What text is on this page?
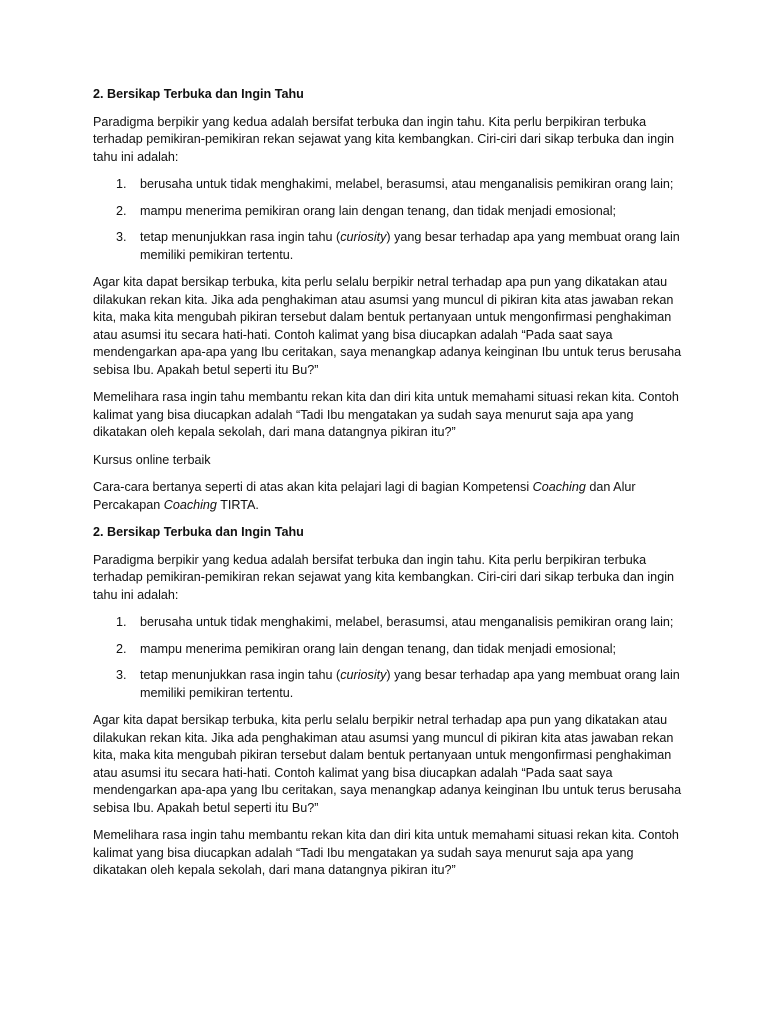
2. Bersikap Terbuka dan Ingin Tahu

Paradigma berpikir yang kedua adalah bersifat terbuka dan ingin tahu. Kita perlu berpikiran terbuka terhadap pemikiran-pemikiran rekan sejawat yang kita kembangkan. Ciri-ciri dari sikap terbuka dan ingin tahu ini adalah:

1. berusaha untuk tidak menghakimi, melabel, berasumsi, atau menganalisis pemikiran orang lain;
2. mampu menerima pemikiran orang lain dengan tenang, dan tidak menjadi emosional;
3. tetap menunjukkan rasa ingin tahu (curiosity) yang besar terhadap apa yang membuat orang lain memiliki pemikiran tertentu.

Agar kita dapat bersikap terbuka, kita perlu selalu berpikir netral terhadap apa pun yang dikatakan atau dilakukan rekan kita. Jika ada penghakiman atau asumsi yang muncul di pikiran kita atas jawaban rekan kita, maka kita mengubah pikiran tersebut dalam bentuk pertanyaan untuk mengonfirmasi penghakiman atau asumsi itu secara hati-hati. Contoh kalimat yang bisa diucapkan adalah “Pada saat saya mendengarkan apa-apa yang Ibu ceritakan, saya menangkap adanya keinginan Ibu untuk terus berusaha sebisa Ibu. Apakah betul seperti itu Bu?”

Memelihara rasa ingin tahu membantu rekan kita dan diri kita untuk memahami situasi rekan kita. Contoh kalimat yang bisa diucapkan adalah “Tadi Ibu mengatakan ya sudah saya menurut saja apa yang dikatakan oleh kepala sekolah, dari mana datangnya pikiran itu?”

Kursus online terbaik

Cara-cara bertanya seperti di atas akan kita pelajari lagi di bagian Kompetensi Coaching dan Alur Percakapan Coaching TIRTA.

2. Bersikap Terbuka dan Ingin Tahu

Paradigma berpikir yang kedua adalah bersifat terbuka dan ingin tahu. Kita perlu berpikiran terbuka terhadap pemikiran-pemikiran rekan sejawat yang kita kembangkan. Ciri-ciri dari sikap terbuka dan ingin tahu ini adalah:

1. berusaha untuk tidak menghakimi, melabel, berasumsi, atau menganalisis pemikiran orang lain;
2. mampu menerima pemikiran orang lain dengan tenang, dan tidak menjadi emosional;
3. tetap menunjukkan rasa ingin tahu (curiosity) yang besar terhadap apa yang membuat orang lain memiliki pemikiran tertentu.

Agar kita dapat bersikap terbuka, kita perlu selalu berpikir netral terhadap apa pun yang dikatakan atau dilakukan rekan kita. Jika ada penghakiman atau asumsi yang muncul di pikiran kita atas jawaban rekan kita, maka kita mengubah pikiran tersebut dalam bentuk pertanyaan untuk mengonfirmasi penghakiman atau asumsi itu secara hati-hati. Contoh kalimat yang bisa diucapkan adalah “Pada saat saya mendengarkan apa-apa yang Ibu ceritakan, saya menangkap adanya keinginan Ibu untuk terus berusaha sebisa Ibu. Apakah betul seperti itu Bu?”

Memelihara rasa ingin tahu membantu rekan kita dan diri kita untuk memahami situasi rekan kita. Contoh kalimat yang bisa diucapkan adalah “Tadi Ibu mengatakan ya sudah saya menurut saja apa yang dikatakan oleh kepala sekolah, dari mana datangnya pikiran itu?”
